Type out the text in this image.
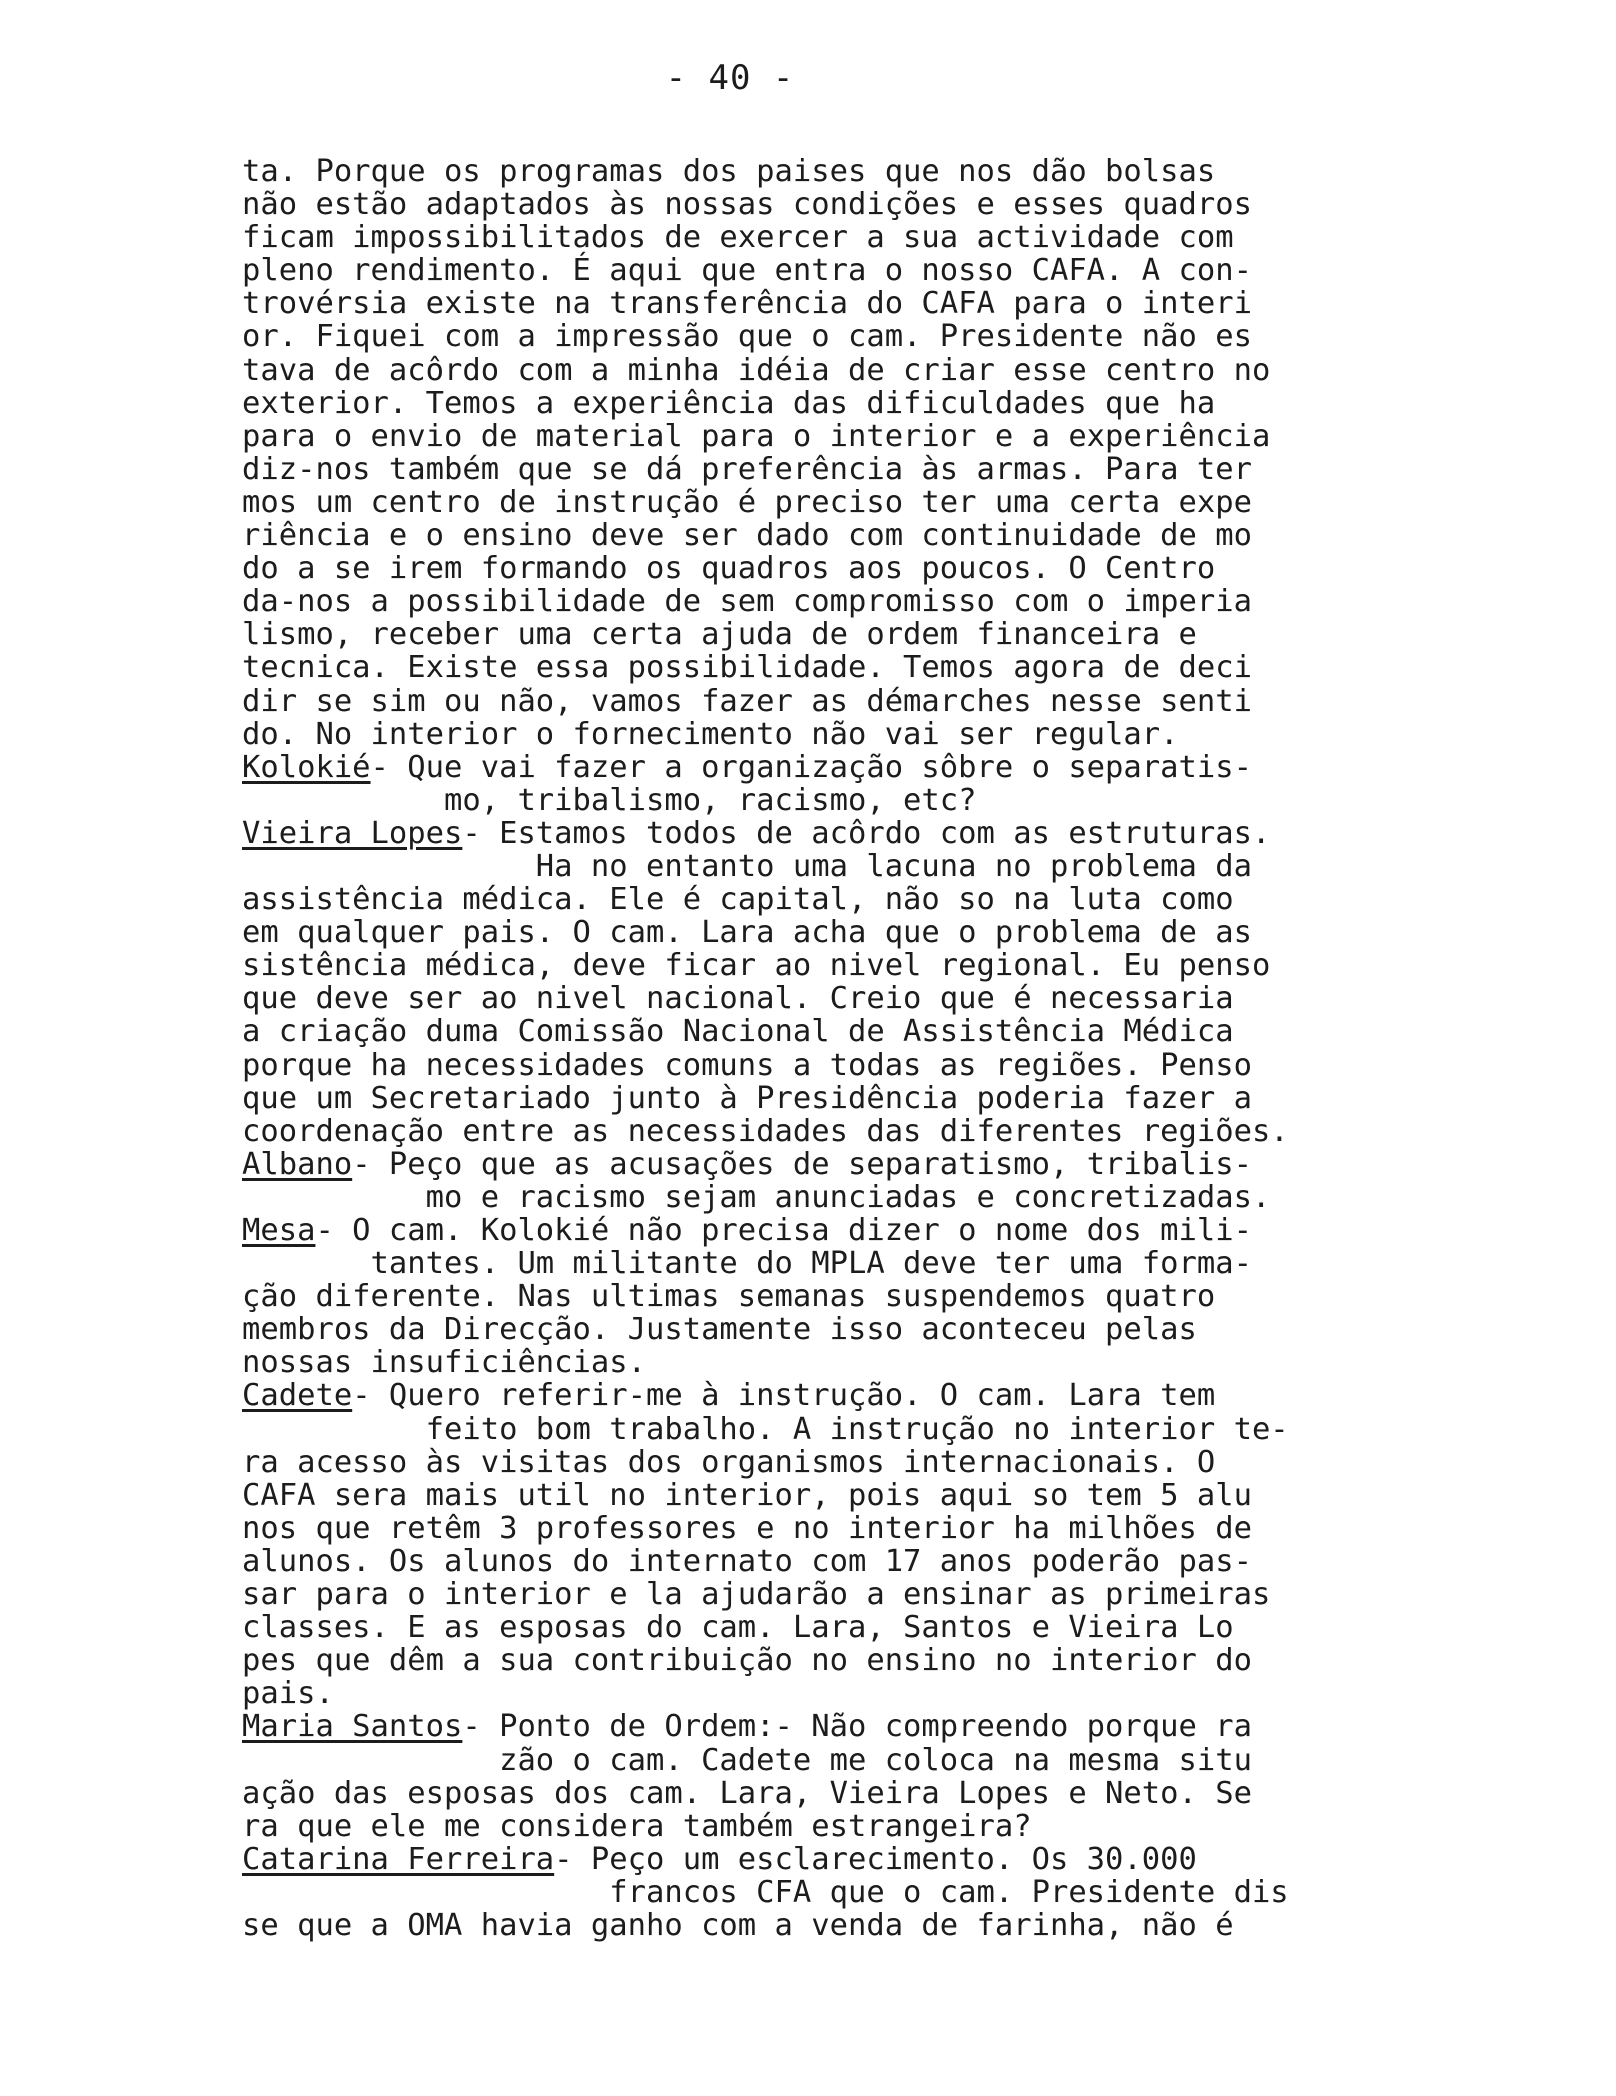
- 40 -
ta. Porque os programas dos paises que nos dão bolsas
não estão adaptados às nossas condições e esses quadros
ficam impossibilitados de exercer a sua actividade com
pleno rendimento. É aqui que entra o nosso CAFA. A con-
trovérsia existe na transferência do CAFA para o interi
or. Fiquei com a impressão que o cam. Presidente não es
tava de acôrdo com a minha idéia de criar esse centro no
exterior. Temos a experiência das dificuldades que ha
para o envio de material para o interior e a experiência
diz-nos também que se dá preferência às armas. Para ter
mos um centro de instrução é preciso ter uma certa expe
riência e o ensino deve ser dado com continuidade de mo
do a se irem formando os quadros aos poucos. O Centro
da-nos a possibilidade de sem compromisso com o imperia
lismo, receber uma certa ajuda de ordem financeira e
tecnica. Existe essa possibilidade. Temos agora de deci
dir se sim ou não, vamos fazer as démarches nesse senti
do. No interior o fornecimento não vai ser regular.
Kolokié- Que vai fazer a organização sôbre o separatis-
mo, tribalismo, racismo, etc?
Vieira Lopes- Estamos todos de acôrdo com as estruturas.
Ha no entanto uma lacuna no problema da
assistência médica. Ele é capital, não so na luta como
em qualquer pais. O cam. Lara acha que o problema de as
sistência médica, deve ficar ao nivel regional. Eu penso
que deve ser ao nivel nacional. Creio que é necessaria
a criação duma Comissão Nacional de Assistência Médica
porque ha necessidades comuns a todas as regiões. Penso
que um Secretariado junto à Presidência poderia fazer a
coordenação entre as necessidades das diferentes regiões.
Albano- Peço que as acusações de separatismo, tribalis-
mo e racismo sejam anunciadas e concretizadas.
Mesa- O cam. Kolokié não precisa dizer o nome dos mili-
tantes. Um militante do MPLA deve ter uma forma-
ção diferente. Nas ultimas semanas suspendemos quatro
membros da Direcção. Justamente isso aconteceu pelas
nossas insuficiências.
Cadete- Quero referir-me à instrução. O cam. Lara tem
feito bom trabalho. A instrução no interior te-
ra acesso às visitas dos organismos internacionais. O
CAFA sera mais util no interior, pois aqui so tem 5 alu
nos que retêm 3 professores e no interior ha milhões de
alunos. Os alunos do internato com 17 anos poderão pas-
sar para o interior e la ajudarão a ensinar as primeiras
classes. E as esposas do cam. Lara, Santos e Vieira Lo
pes que dêm a sua contribuição no ensino no interior do
pais.
Maria Santos- Ponto de Ordem:- Não compreendo porque ra
zão o cam. Cadete me coloca na mesma situ
ação das esposas dos cam. Lara, Vieira Lopes e Neto. Se
ra que ele me considera também estrangeira?
Catarina Ferreira- Peço um esclarecimento. Os 30.000
francos CFA que o cam. Presidente dis
se que a OMA havia ganho com a venda de farinha, não é
